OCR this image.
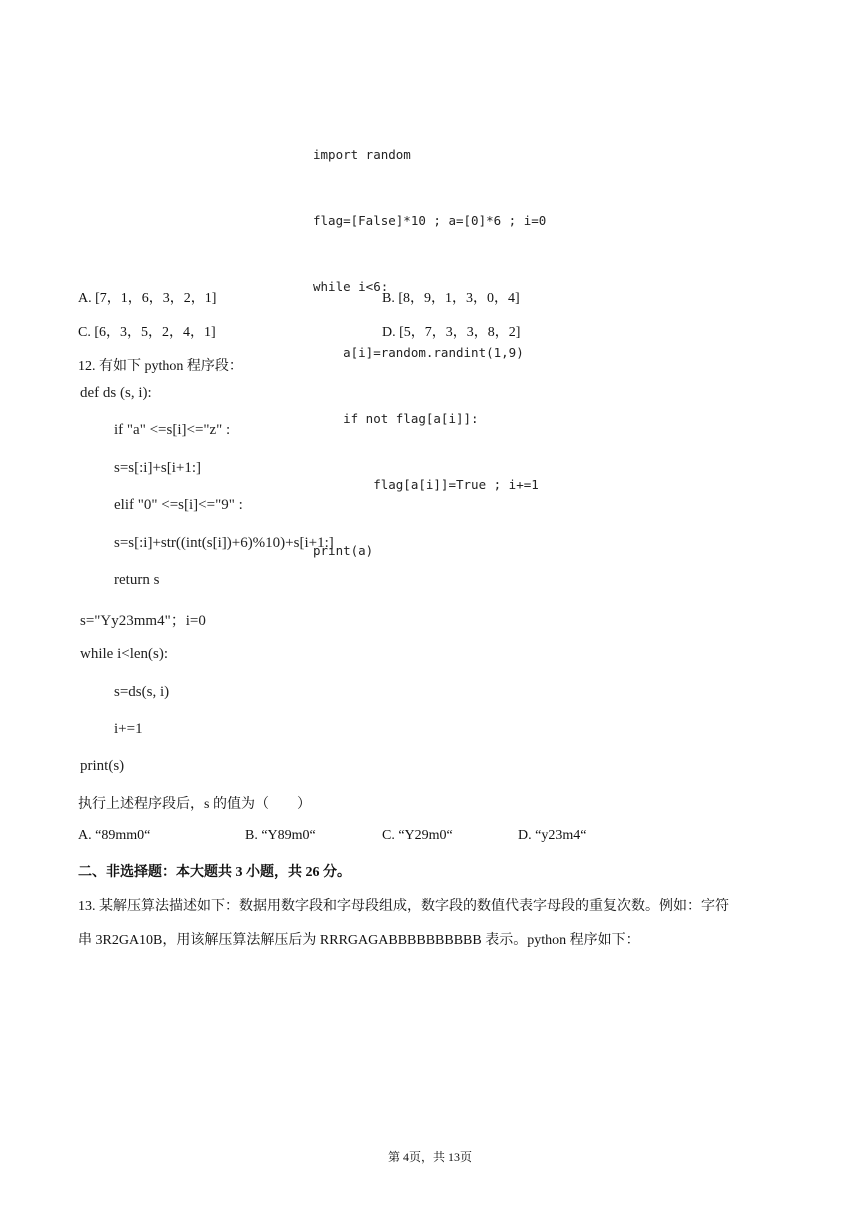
import random

flag=[False]*10 ; a=[0]*6 ; i=0

while i<6:

a[i]=random.randint(1,9)

if not flag[a[i]]:

flag[a[i]]=True ; i+=1

print(a)

A. [7，1，6，3，2，1]	B. [8，9，1，3，0，4]
C. [6，3，5，2，4，1]	D. [5，7，3，3，8，2]
12. 有如下 python 程序段：
def ds (s, i):
if "a" <=s[i]<="z" :
s=s[:i]+s[i+1:]
elif "0" <=s[i]<="9" :
s=s[:i]+str((int(s[i])+6)%10)+s[i+1:]
return s
s="Yy23mm4"；i=0
while i<len(s):
s=ds(s, i)
i+=1
print(s)
执行上述程序段后，s 的值为（        ）
A. “89mm0“	B. “Y89m0“	C. “Y29m0“	D. “y23m4“
二、非选择题：本大题共 3 小题，共 26 分。
13. 某解压算法描述如下：数据用数字段和字母段组成，数字段的数值代表字母段的重复次数。例如：字符
串 3R2GA10B，用该解压算法解压后为 RRRGAGABBBBBBBBBB 表示。python 程序如下：
第 4页，共 13页
